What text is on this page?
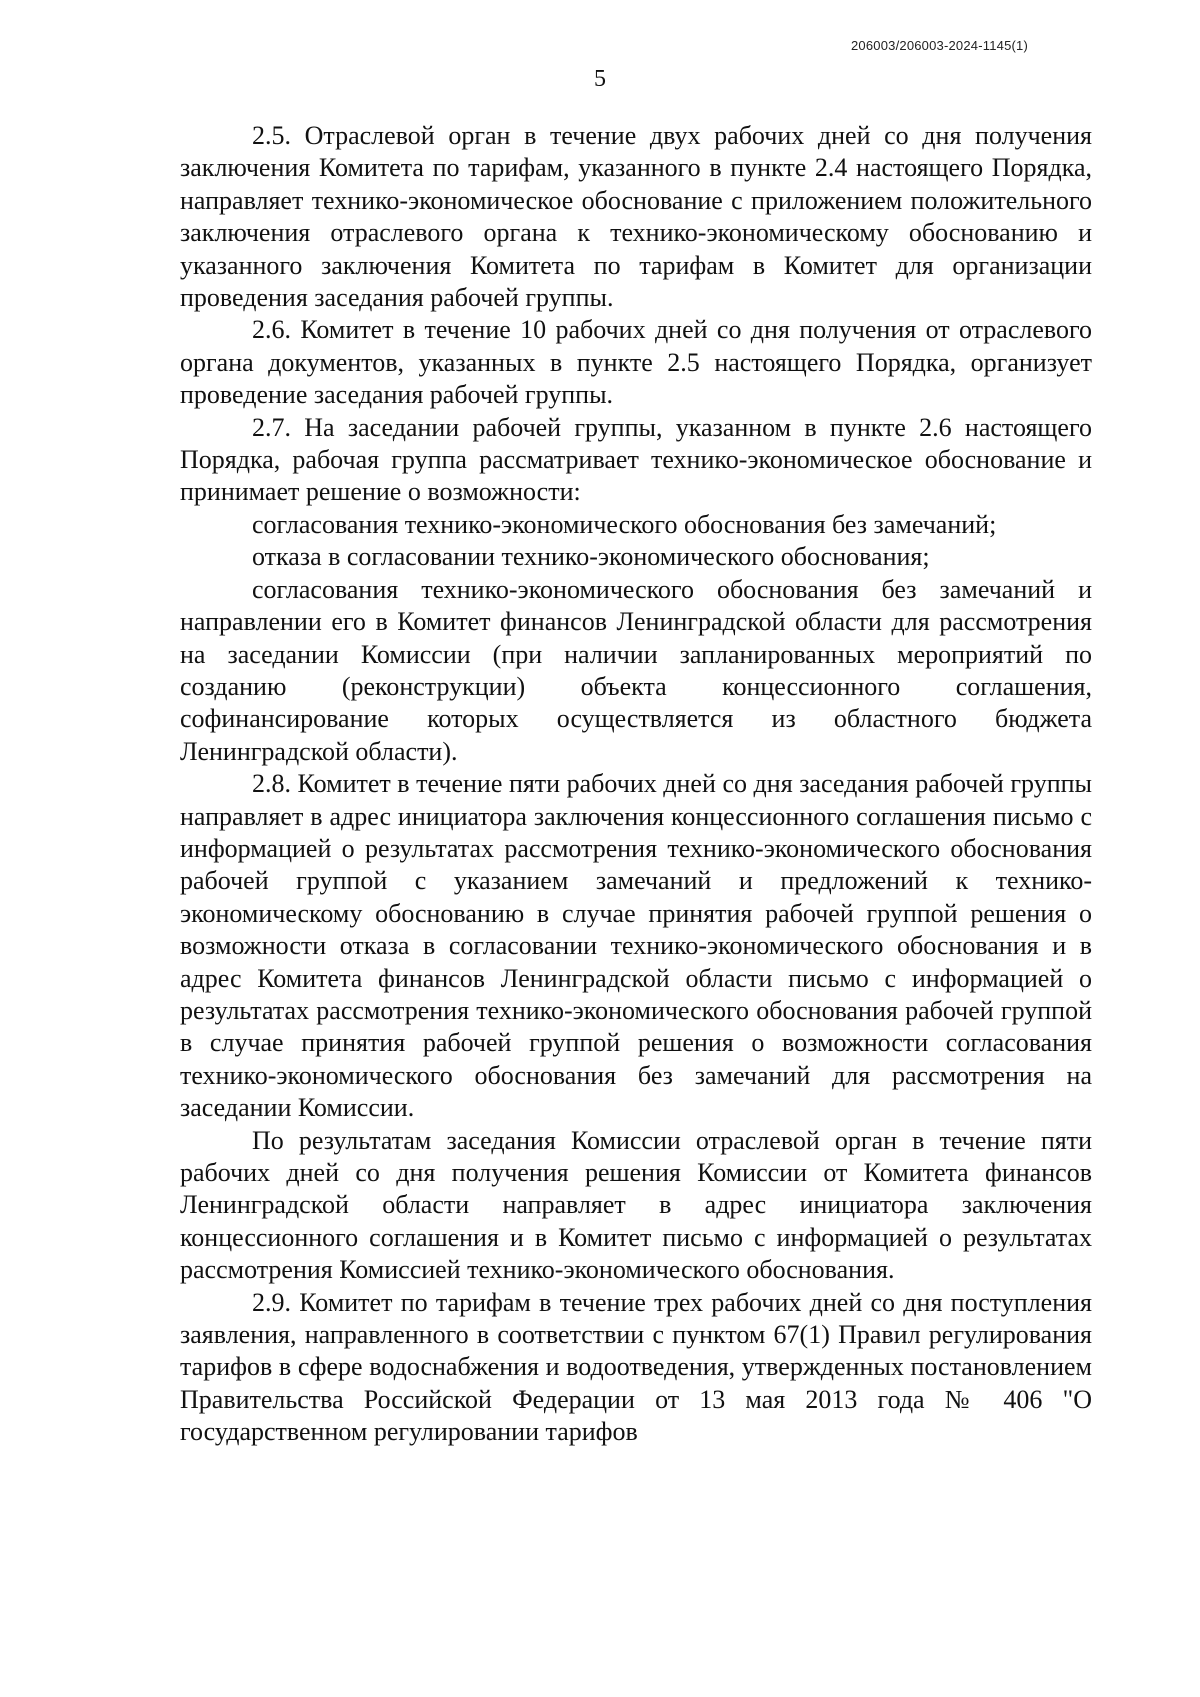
206003/206003-2024-1145(1)
5

2.5. Отраслевой орган в течение двух рабочих дней со дня получения заключения Комитета по тарифам, указанного в пункте 2.4 настоящего Порядка, направляет технико-экономическое обоснование с приложением положительного заключения отраслевого органа к технико-экономическому обоснованию и указанного заключения Комитета по тарифам в Комитет для организации проведения заседания рабочей группы.

2.6. Комитет в течение 10 рабочих дней со дня получения от отраслевого органа документов, указанных в пункте 2.5 настоящего Порядка, организует проведение заседания рабочей группы.

2.7. На заседании рабочей группы, указанном в пункте 2.6 настоящего Порядка, рабочая группа рассматривает технико-экономическое обоснование и принимает решение о возможности:

согласования технико-экономического обоснования без замечаний;

отказа в согласовании технико-экономического обоснования;

согласования технико-экономического обоснования без замечаний и направлении его в Комитет финансов Ленинградской области для рассмотрения на заседании Комиссии (при наличии запланированных мероприятий по созданию (реконструкции) объекта концессионного соглашения, софинансирование которых осуществляется из областного бюджета Ленинградской области).

2.8. Комитет в течение пяти рабочих дней со дня заседания рабочей группы направляет в адрес инициатора заключения концессионного соглашения письмо с информацией о результатах рассмотрения технико-экономического обоснования рабочей группой с указанием замечаний и предложений к технико-экономическому обоснованию в случае принятия рабочей группой решения о возможности отказа в согласовании технико-экономического обоснования и в адрес Комитета финансов Ленинградской области письмо с информацией о результатах рассмотрения технико-экономического обоснования рабочей группой в случае принятия рабочей группой решения о возможности согласования технико-экономического обоснования без замечаний для рассмотрения на заседании Комиссии.

По результатам заседания Комиссии отраслевой орган в течение пяти рабочих дней со дня получения решения Комиссии от Комитета финансов Ленинградской области направляет в адрес инициатора заключения концессионного соглашения и в Комитет письмо с информацией о результатах рассмотрения Комиссией технико-экономического обоснования.

2.9. Комитет по тарифам в течение трех рабочих дней со дня поступления заявления, направленного в соответствии с пунктом 67(1) Правил регулирования тарифов в сфере водоснабжения и водоотведения, утвержденных постановлением Правительства Российской Федерации от 13 мая 2013 года № 406 "О государственном регулировании тарифов
